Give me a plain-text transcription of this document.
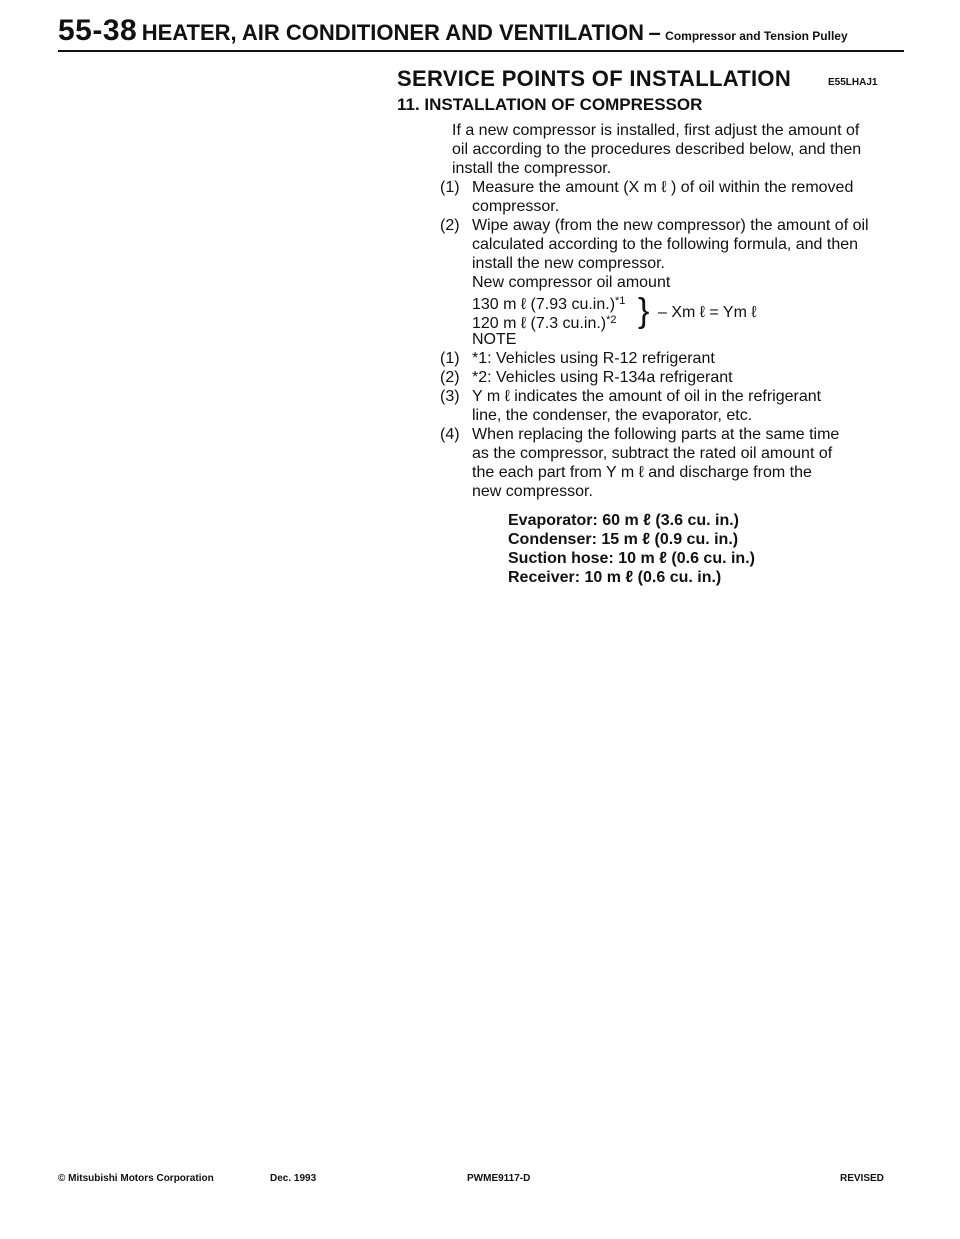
55-38 HEATER, AIR CONDITIONER AND VENTILATION – Compressor and Tension Pulley
SERVICE POINTS OF INSTALLATION	E55LHAJ1
11. INSTALLATION OF COMPRESSOR
If a new compressor is installed, first adjust the amount of
oil according to the procedures described below, and then
install the compressor.
(1) Measure the amount (X m ℓ ) of oil within the removed
compressor.
(2) Wipe away (from the new compressor) the amount of oil
calculated according to the following formula, and then
install the new compressor.
New compressor oil amount
130 m ℓ (7.93 cu.in.)$^{*1}$
120 m ℓ (7.3 cu.in.)$^{*2}$ } – Xm ℓ = Ym ℓ
NOTE
(1) *1: Vehicles using R-12 refrigerant
(2) *2: Vehicles using R-134a refrigerant
(3) Y m ℓ indicates the amount of oil in the refrigerant
line, the condenser, the evaporator, etc.
(4) When replacing the following parts at the same time
as the compressor, subtract the rated oil amount of
the each part from Y m ℓ and discharge from the
new compressor.
Evaporator: 60 m ℓ (3.6 cu. in.)
Condenser: 15 m ℓ (0.9 cu. in.)
Suction hose: 10 m ℓ (0.6 cu. in.)
Receiver: 10 m ℓ (0.6 cu. in.)
© Mitsubishi Motors Corporation	Dec. 1993	PWME9117-D	REVISED
